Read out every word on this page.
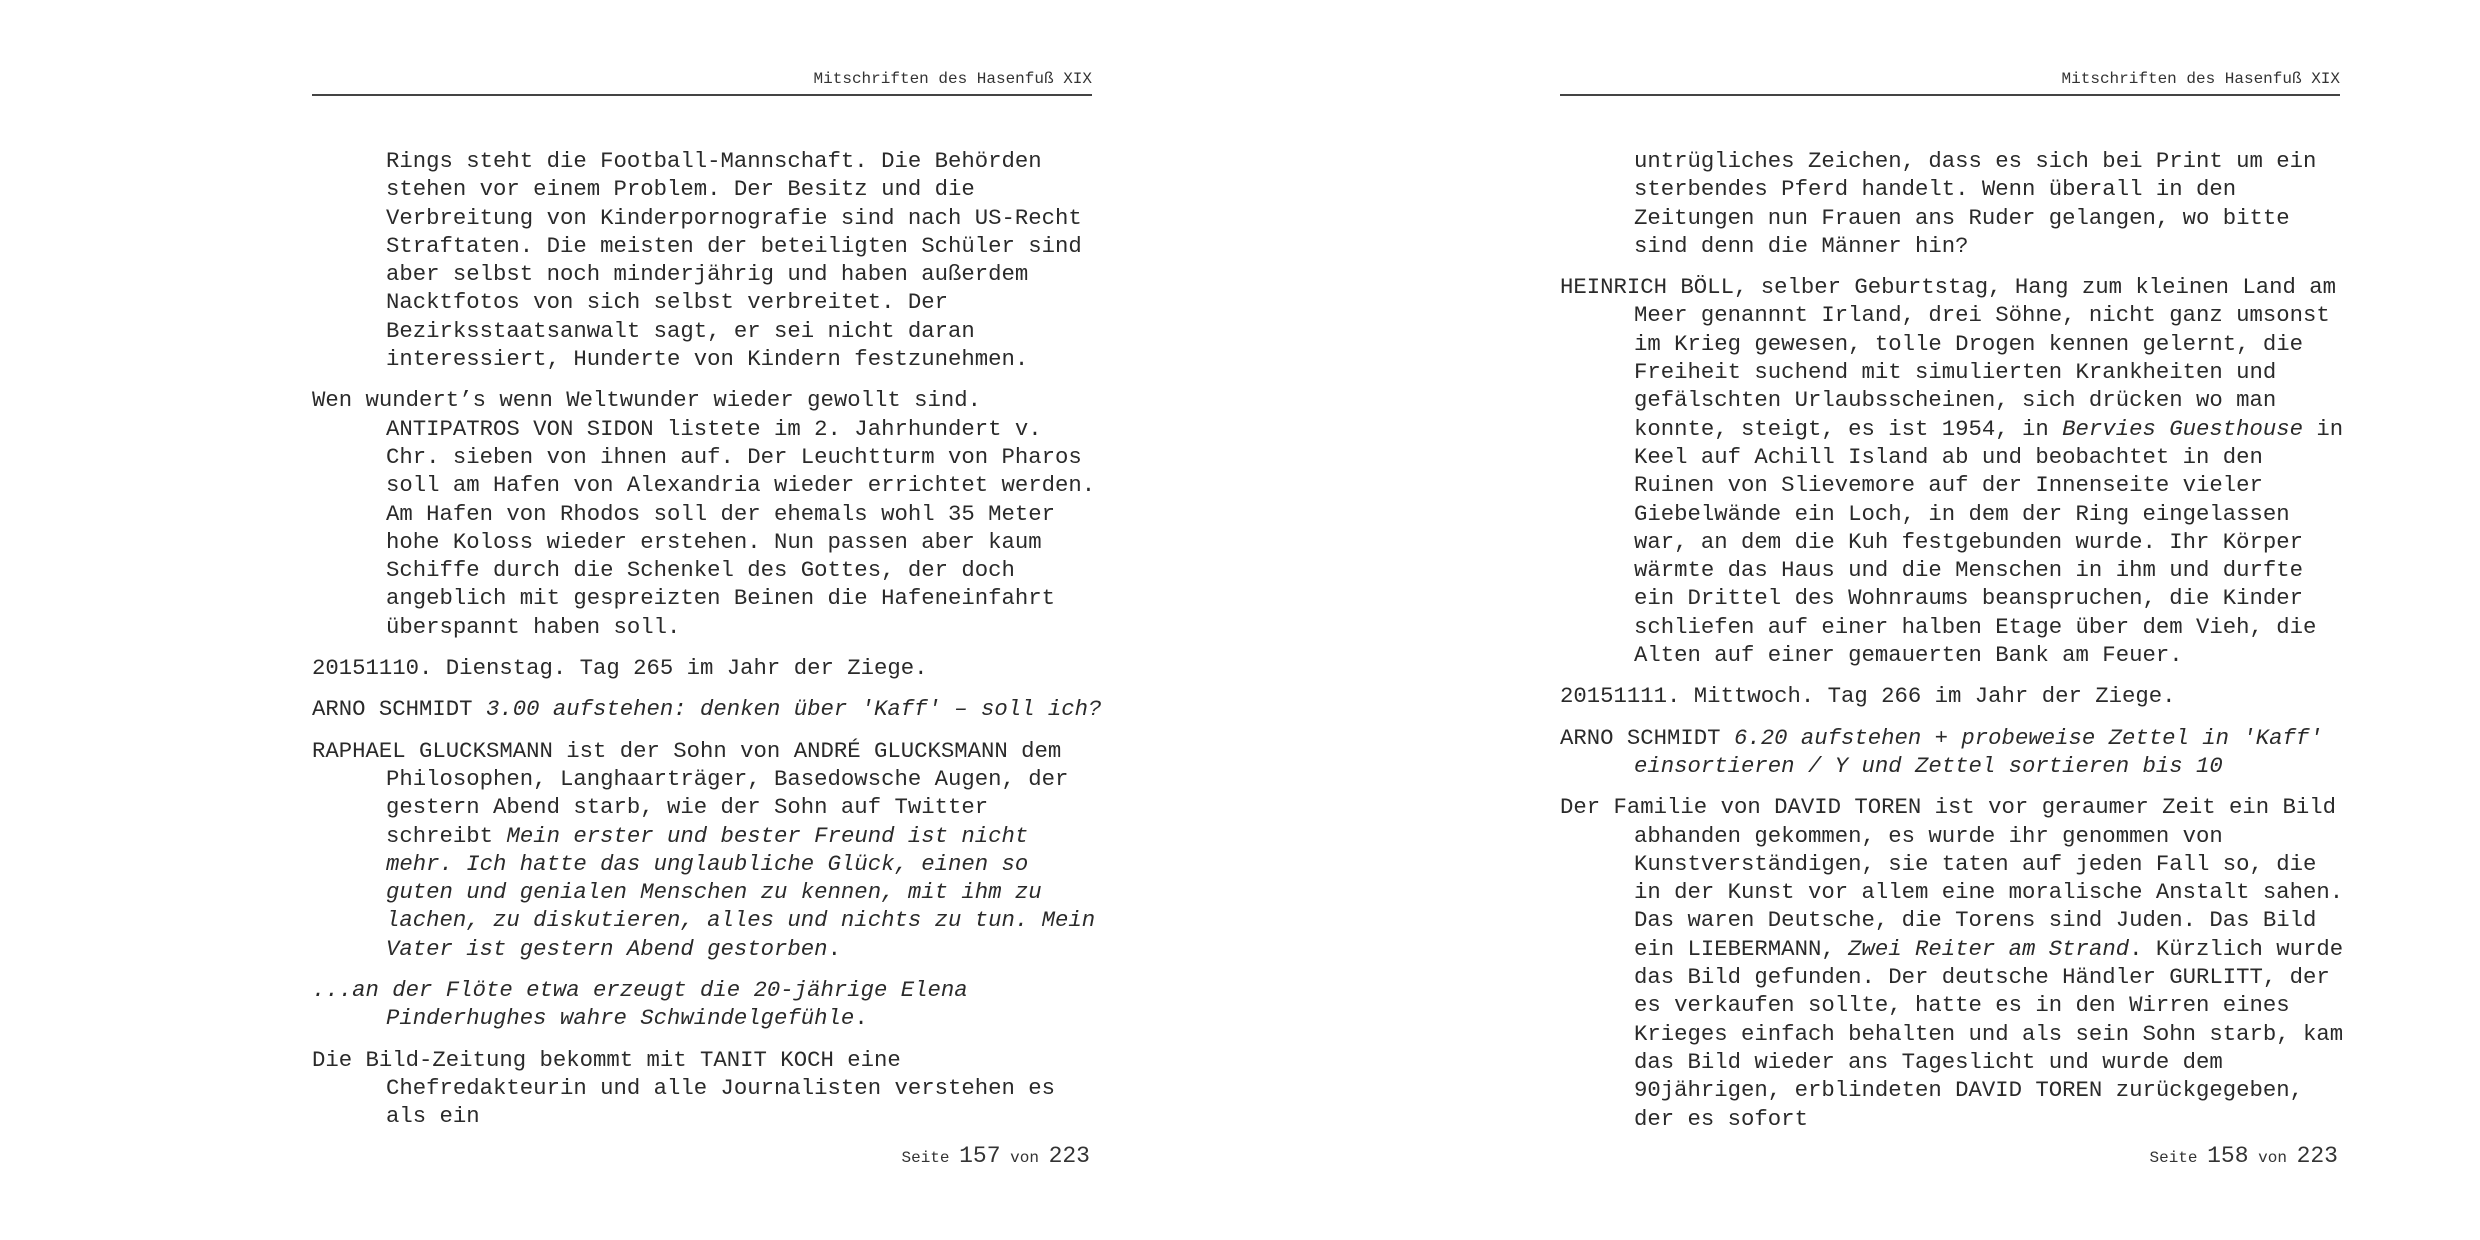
Mitschriften des Hasenfuß XIX

Rings steht die Football-Mannschaft. Die Behörden stehen vor einem Problem. Der Besitz und die Verbreitung von Kinderpornografie sind nach US-Recht Straftaten. Die meisten der beteiligten Schüler sind aber selbst noch minderjährig und haben außerdem Nacktfotos von sich selbst verbreitet. Der Bezirksstaatsanwalt sagt, er sei nicht daran interessiert, Hunderte von Kindern festzunehmen.

Wen wundert’s wenn Weltwunder wieder gewollt sind. ANTIPATROS VON SIDON listete im 2. Jahrhundert v. Chr. sieben von ihnen auf. Der Leuchtturm von Pharos soll am Hafen von Alexandria wieder errichtet werden. Am Hafen von Rhodos soll der ehemals wohl 35 Meter hohe Koloss wieder erstehen. Nun passen aber kaum Schiffe durch die Schenkel des Gottes, der doch angeblich mit gespreizten Beinen die Hafeneinfahrt überspannt haben soll.

20151110. Dienstag. Tag 265 im Jahr der Ziege.

ARNO SCHMIDT 3.00 aufstehen: denken über 'Kaff' – soll ich?

RAPHAEL GLUCKSMANN ist der Sohn von ANDRÉ GLUCKSMANN dem Philosophen, Langhaarträger, Basedowsche Augen, der gestern Abend starb, wie der Sohn auf Twitter schreibt Mein erster und bester Freund ist nicht mehr. Ich hatte das unglaubliche Glück, einen so guten und genialen Menschen zu kennen, mit ihm zu lachen, zu diskutieren, alles und nichts zu tun. Mein Vater ist gestern Abend gestorben.

...an der Flöte etwa erzeugt die 20-jährige Elena Pinderhughes wahre Schwindelgefühle.

Die Bild-Zeitung bekommt mit TANIT KOCH eine Chefredakteurin und alle Journalisten verstehen es als ein

Seite 157 von 223
Mitschriften des Hasenfuß XIX

untrügliches Zeichen, dass es sich bei Print um ein sterbendes Pferd handelt. Wenn überall in den Zeitungen nun Frauen ans Ruder gelangen, wo bitte sind denn die Männer hin?

HEINRICH BÖLL, selber Geburtstag, Hang zum kleinen Land am Meer genannnt Irland, drei Söhne, nicht ganz umsonst im Krieg gewesen, tolle Drogen kennen gelernt, die Freiheit suchend mit simulierten Krankheiten und gefälschten Urlaubsscheinen, sich drücken wo man konnte, steigt, es ist 1954, in Bervies Guesthouse in Keel auf Achill Island ab und beobachtet in den Ruinen von Slievemore auf der Innenseite vieler Giebelwände ein Loch, in dem der Ring eingelassen war, an dem die Kuh festgebunden wurde. Ihr Körper wärmte das Haus und die Menschen in ihm und durfte ein Drittel des Wohnraums beanspruchen, die Kinder schliefen auf einer halben Etage über dem Vieh, die Alten auf einer gemauerten Bank am Feuer.

20151111. Mittwoch. Tag 266 im Jahr der Ziege.

ARNO SCHMIDT 6.20 aufstehen + probeweise Zettel in 'Kaff' einsortieren / Y und Zettel sortieren bis 10

Der Familie von DAVID TOREN ist vor geraumer Zeit ein Bild abhanden gekommen, es wurde ihr genommen von Kunstverständigen, sie taten auf jeden Fall so, die in der Kunst vor allem eine moralische Anstalt sahen. Das waren Deutsche, die Torens sind Juden. Das Bild ein LIEBERMANN, Zwei Reiter am Strand. Kürzlich wurde das Bild gefunden. Der deutsche Händler GURLITT, der es verkaufen sollte, hatte es in den Wirren eines Krieges einfach behalten und als sein Sohn starb, kam das Bild wieder ans Tageslicht und wurde dem 90jährigen, erblindeten DAVID TOREN zurückgegeben, der es sofort

Seite 158 von 223
